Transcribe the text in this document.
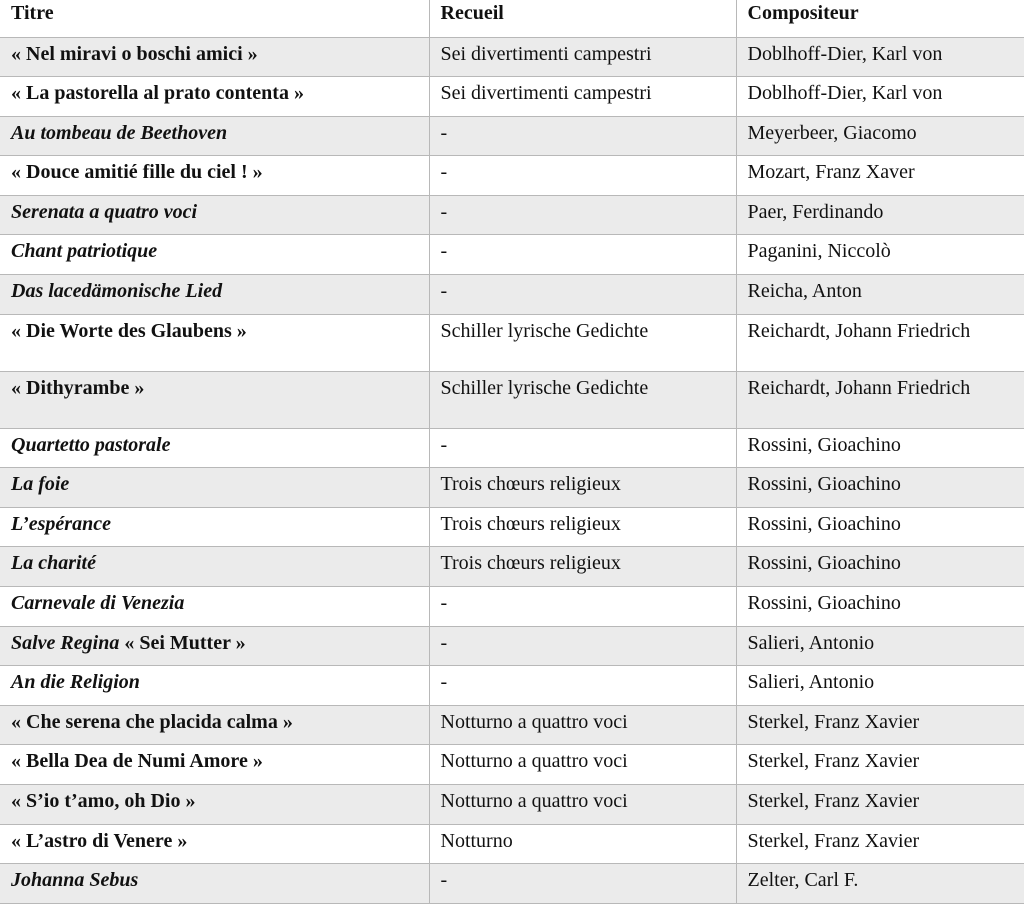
Titre	Recueil	Compositeur
« Nel miravi o boschi amici »	Sei divertimenti campestri	Doblhoff-Dier, Karl von
« La pastorella al prato contenta »	Sei divertimenti campestri	Doblhoff-Dier, Karl von
Au tombeau de Beethoven	-	Meyerbeer, Giacomo
« Douce amitié fille du ciel ! »	-	Mozart, Franz Xaver
Serenata a quatro voci	-	Paer, Ferdinando
Chant patriotique	-	Paganini, Niccolò
Das lacedämonische Lied	-	Reicha, Anton
« Die Worte des Glaubens »	Schiller lyrische Gedichte	Reichardt, Johann Friedrich
« Dithyrambe »	Schiller lyrische Gedichte	Reichardt, Johann Friedrich
Quartetto pastorale	-	Rossini, Gioachino
La foie	Trois chœurs religieux	Rossini, Gioachino
L’espérance	Trois chœurs religieux	Rossini, Gioachino
La charité	Trois chœurs religieux	Rossini, Gioachino
Carnevale di Venezia	-	Rossini, Gioachino
Salve Regina « Sei Mutter »	-	Salieri, Antonio
An die Religion	-	Salieri, Antonio
« Che serena che placida calma »	Notturno a quattro voci	Sterkel, Franz Xavier
« Bella Dea de Numi Amore »	Notturno a quattro voci	Sterkel, Franz Xavier
« S’io t’amo, oh Dio »	Notturno a quattro voci	Sterkel, Franz Xavier
« L’astro di Venere »	Notturno	Sterkel, Franz Xavier
Johanna Sebus	-	Zelter, Carl F.
